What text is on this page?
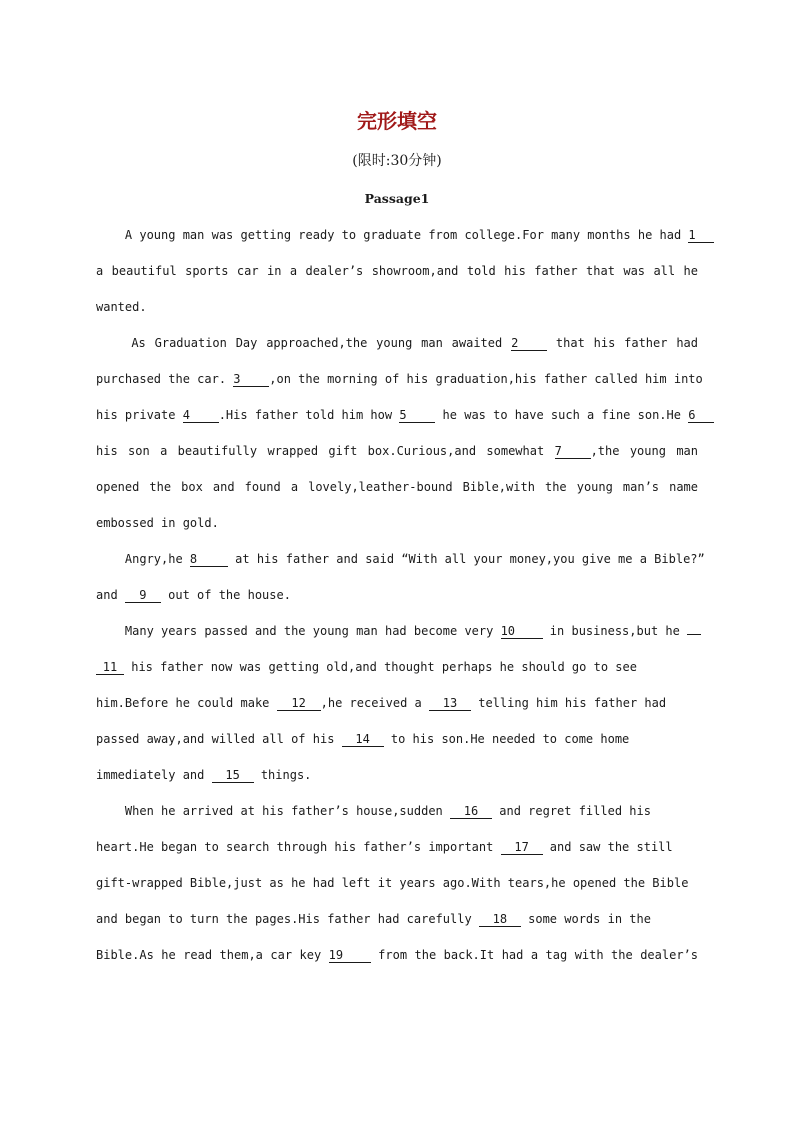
完形填空
(限时:30分钟)
Passage1
A young man was getting ready to graduate from college.For many months he had 1
a beautiful sports car in a dealer’s showroom,and told his father that was all he
wanted.
As Graduation Day approached,the young man awaited 2 that his father had
purchased the car. 3 ,on the morning of his graduation,his father called him into
his private 4 .His father told him how 5 he was to have such a fine son.He 6
his son a beautifully wrapped gift box.Curious,and somewhat 7 ,the young man
opened the box and found a lovely,leather-bound Bible,with the young man’s name
embossed in gold.
Angry,he 8	at his father and said “With all your money,you give me a Bible?”
and 9 out of the house.
Many years passed and the young man had become very 10 in business,but he
11 his father now was getting old,and thought perhaps he should go to see
him.Before he could make 12 ,he received a 13 telling him his father had
passed away,and willed all of his 14 to his son.He needed to come home
immediately and 15 things.
When he arrived at his father’s house,sudden 16 and regret filled his
heart.He began to search through his father’s important 17 and saw the still
gift-wrapped Bible,just as he had left it years ago.With tears,he opened the Bible
and began to turn the pages.His father had carefully 18 some words in the
Bible.As he read them,a car key 19 from the back.It had a tag with the dealer’s
